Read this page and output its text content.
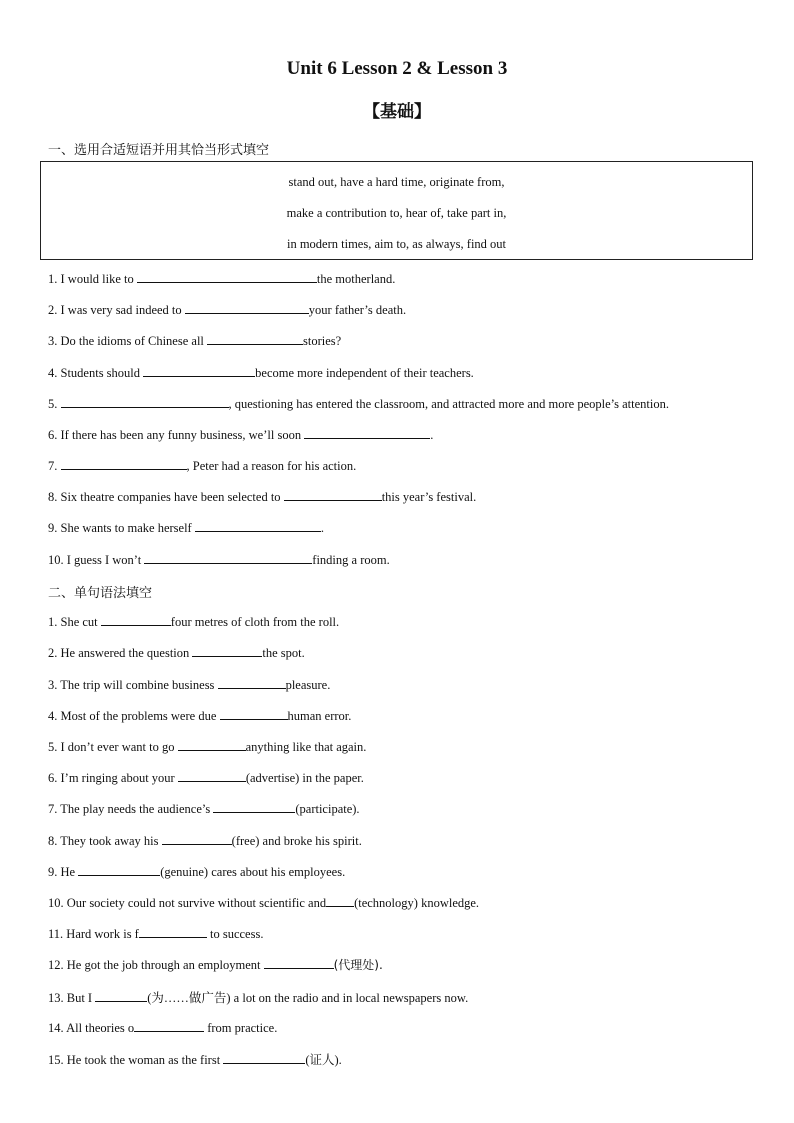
Unit 6 Lesson 2 & Lesson 3
【基础】
一、选用合适短语并用其恰当形式填空
stand out, have a hard time, originate from,
make a contribution to, hear of, take part in,
in modern times, aim to, as always, find out
1. I would like to	the motherland.
2. I was very sad indeed to	your father’s death.
3. Do the idioms of Chinese all	stories?
4. Students should	become more independent of their teachers.
5.	, questioning has entered the classroom, and attracted more and more people’s attention.
6. If there has been any funny business, we’ll soon	.
7.	, Peter had a reason for his action.
8. Six theatre companies have been selected to	this year’s festival.
9. She wants to make herself	.
10. I guess I won’t	finding a room.
二、单句语法填空
1. She cut	four metres of cloth from the roll.
2. He answered the question	the spot.
3. The trip will combine business	pleasure.
4. Most of the problems were due	human error.
5. I don’t ever want to go	anything like that again.
6. I’m ringing about your	(advertise) in the paper.
7. The play needs the audience’s	(participate).
8. They took away his	(free) and broke his spirit.
9. He	(genuine) cares about his employees.
10. Our society could not survive without scientific and (technology) knowledge.
11. Hard work is f	to success.
12. He got the job through an employment	(代理处).
13. But I	(为……做广告) a lot on the radio and in local newspapers now.
14. All theories o	from practice.
15. He took the woman as the first	(证人).
